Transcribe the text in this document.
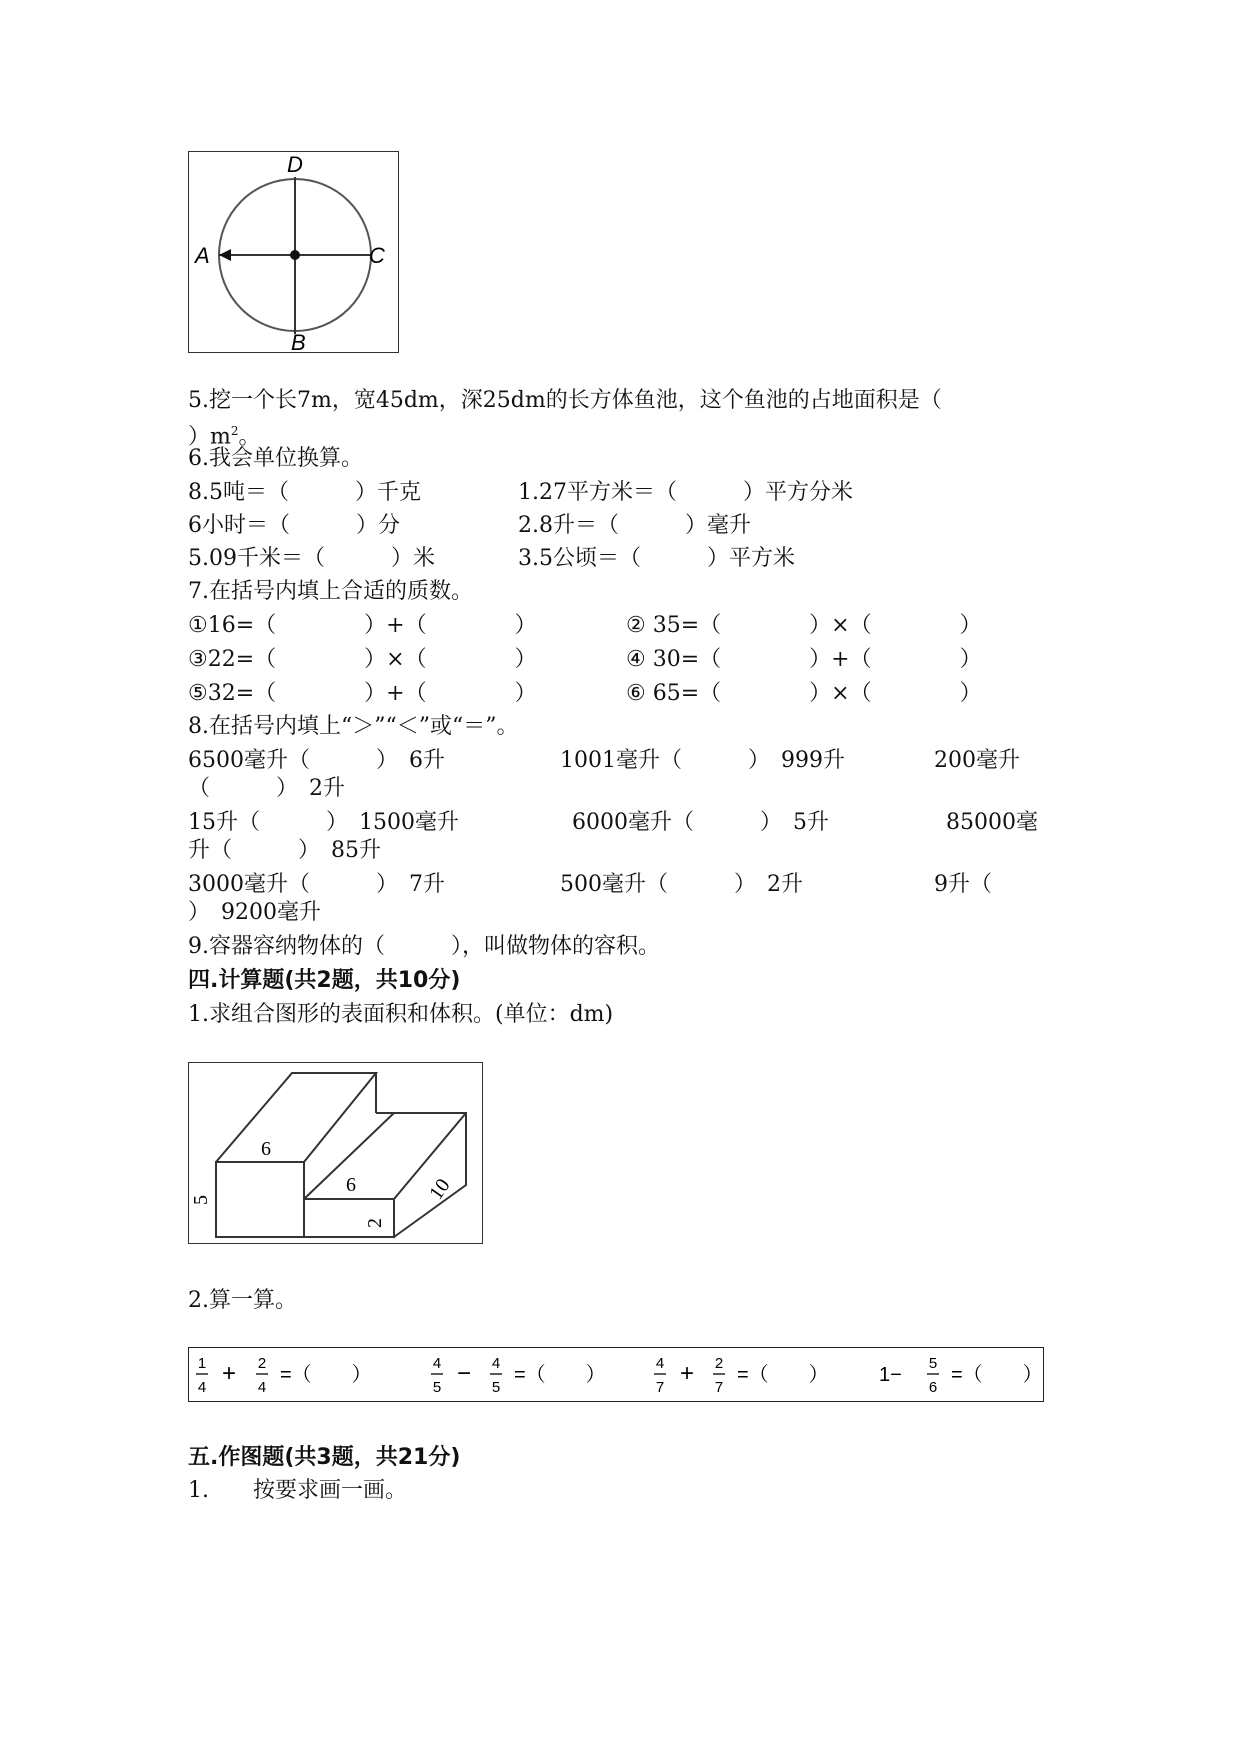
D
A	C
B
5.挖一个长7m，宽45dm，深25dm的长方体鱼池，这个鱼池的占地面积是（
）$m^2$。
6.我会单位换算。
8.5吨＝（　　　）千克	1.27平方米＝（　　　）平方分米
6小时＝（　　　）分	2.8升＝（　　　）毫升
5.09千米＝（　　　）米	3.5公顷＝（　　　）平方米
7.在括号内填上合适的质数。
①16=（　　　　）+（　　　　）	② 35=（　　　　）×（　　　　）
③22=（　　　　）×（　　　　）	④ 30=（　　　　）+（　　　　）
⑤32=（　　　　）+（　　　　）	⑥ 65=（　　　　）×（　　　　）
8.在括号内填上“＞”“＜”或“＝”。
6500毫升（　　　）　6升	1001毫升（　　　）　999升	200毫升
（　　　）　2升
15升（　　　）　1500毫升	6000毫升（　　　）　5升	85000毫
升（　　　）　85升
3000毫升（　　　）　7升	500毫升（　　　）　2升	9升（
）　9200毫升
9.容器容纳物体的（　　　），叫做物体的容积。
四.计算题(共2题，共10分)
1.求组合图形的表面积和体积。(单位：dm)
6
5
6
2
10
2.算一算。
1
4
+ 2
4
=（　　）
4
5
− 4
5
=（　　）
4
7
+ 2
7
=（　　）	1−
5
6
=（　　）
五.作图题(共3题，共21分)
1.　　按要求画一画。
